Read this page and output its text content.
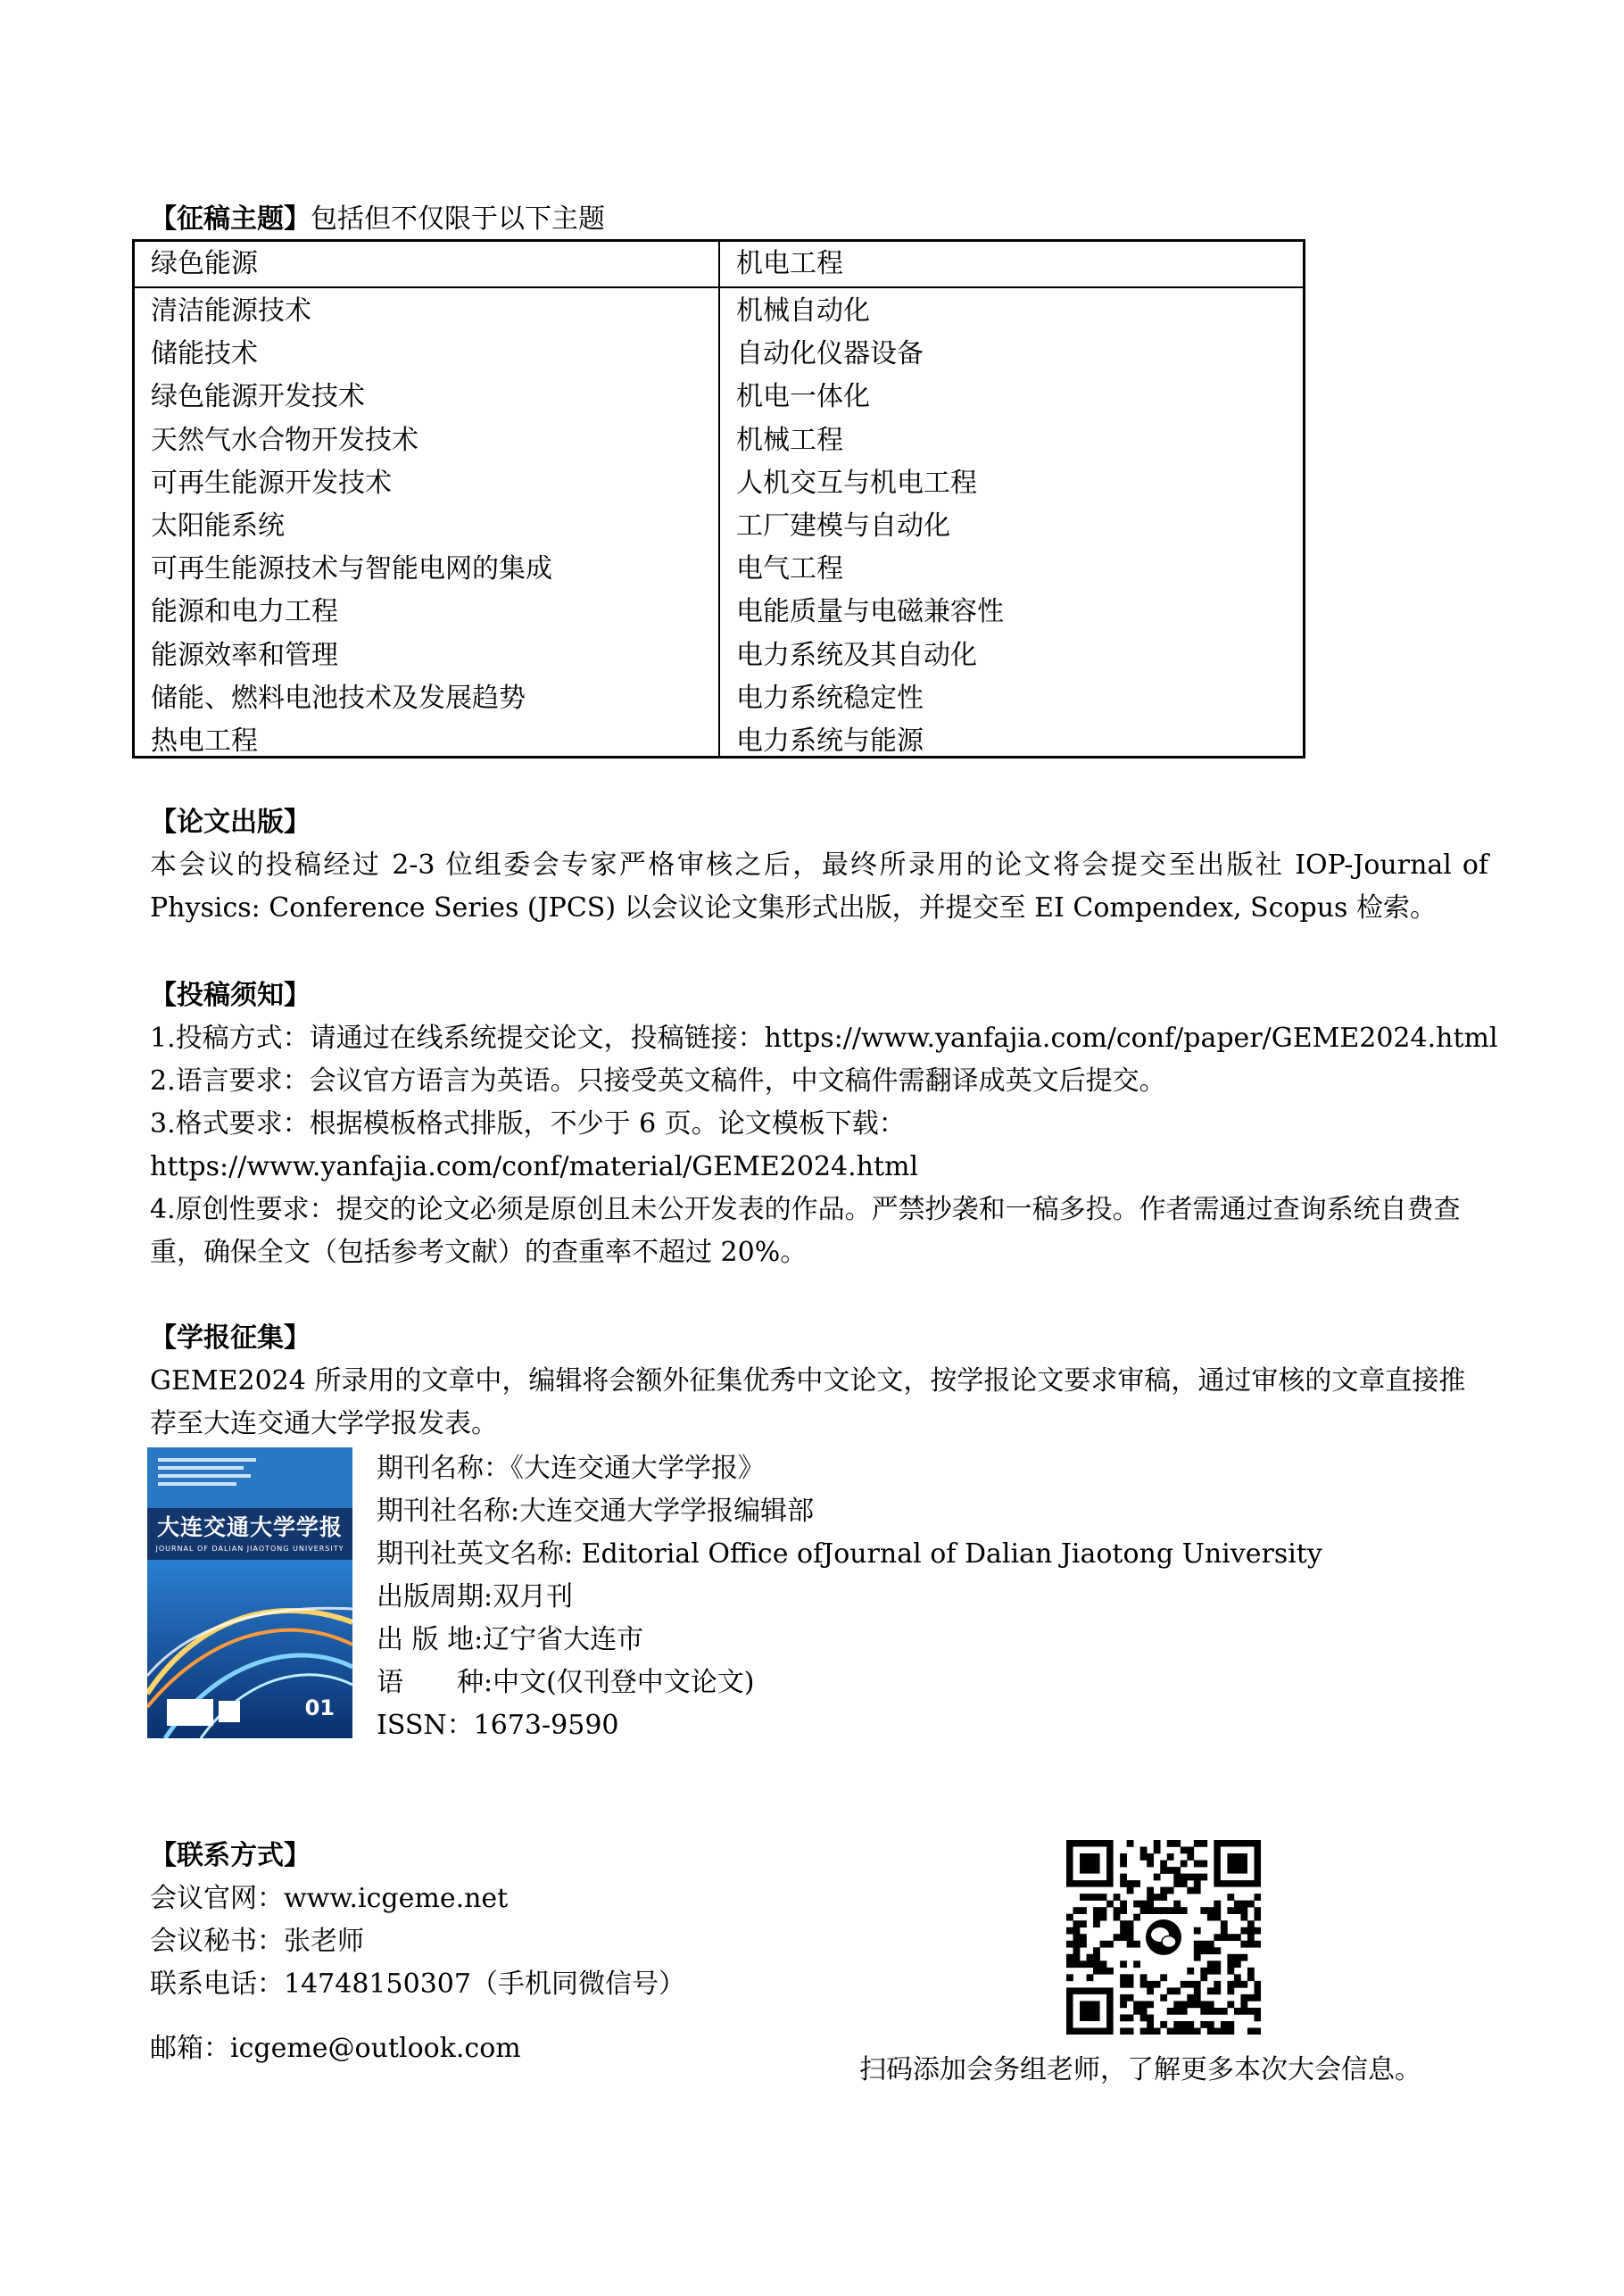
【征稿主题】包括但不仅限于以下主题
绿色能源	机电工程
清洁能源技术
储能技术
绿色能源开发技术
天然气水合物开发技术
可再生能源开发技术
太阳能系统
可再生能源技术与智能电网的集成
能源和电力工程
能源效率和管理
储能、燃料电池技术及发展趋势
热电工程
机械自动化
自动化仪器设备
机电一体化
机械工程
人机交互与机电工程
工厂建模与自动化
电气工程
电能质量与电磁兼容性
电力系统及其自动化
电力系统稳定性
电力系统与能源
【论文出版】
本会议的投稿经过 2-3 位组委会专家严格审核之后，最终所录用的论文将会提交至出版社 IOP-Journal of Physics: Conference Series (JPCS) 以会议论文集形式出版，并提交至 EI Compendex, Scopus 检索。
【投稿须知】
1.投稿方式：请通过在线系统提交论文，投稿链接：https://www.yanfajia.com/conf/paper/GEME2024.html
2.语言要求：会议官方语言为英语。只接受英文稿件，中文稿件需翻译成英文后提交。
3.格式要求：根据模板格式排版，不少于 6 页。论文模板下载：
https://www.yanfajia.com/conf/material/GEME2024.html
4.原创性要求：提交的论文必须是原创且未公开发表的作品。严禁抄袭和一稿多投。作者需通过查询系统自费查重，确保全文（包括参考文献）的查重率不超过 20%。
【学报征集】
GEME2024 所录用的文章中，编辑将会额外征集优秀中文论文，按学报论文要求审稿，通过审核的文章直接推荐至大连交通大学学报发表。
大连交通大学学报
JOURNAL OF DALIAN JIAOTONG UNIVERSITY
01
期刊名称：《大连交通大学学报》
期刊社名称:大连交通大学学报编辑部
期刊社英文名称: Editorial Office ofJournal of Dalian Jiaotong University
出版周期:双月刊
出 版 地:辽宁省大连市
语　　种:中文(仅刊登中文论文)
ISSN：1673-9590
【联系方式】
会议官网：www.icgeme.net
会议秘书：张老师
联系电话：14748150307（手机同微信号）
邮箱：icgeme@outlook.com
扫码添加会务组老师，了解更多本次大会信息。
